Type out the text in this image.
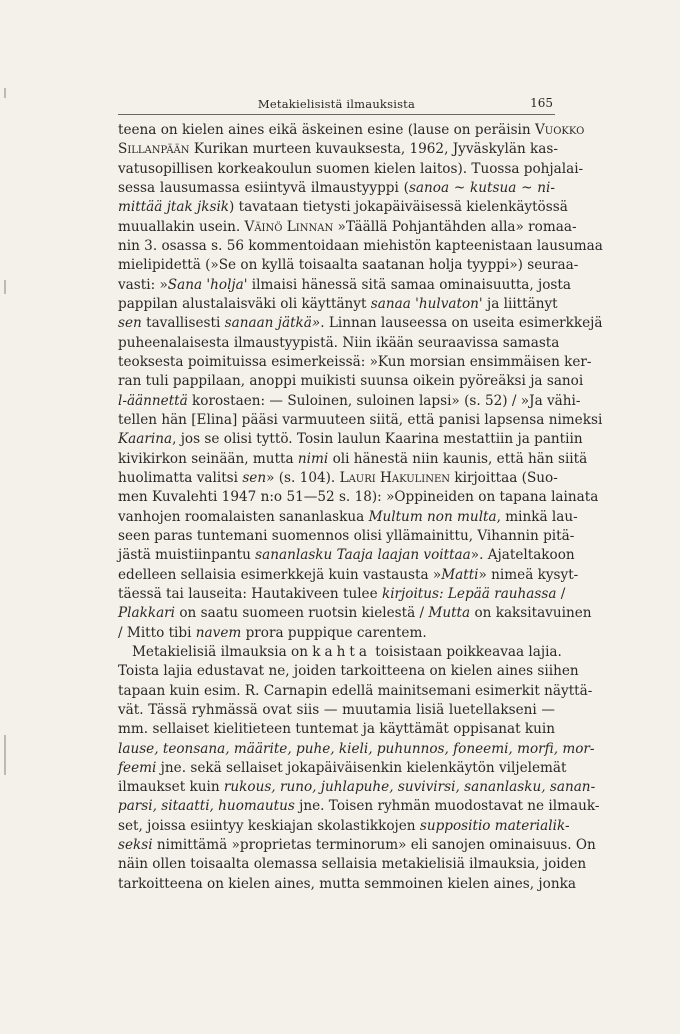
Metakielisistä ilmauksista	165
teena on kielen aines eikä äskeinen esine (lause on peräisin Vuokko
Sillanpään Kurikan murteen kuvauksesta, 1962, Jyväskylän kas-
vatusopillisen korkeakoulun suomen kielen laitos). Tuossa pohjalai-
sessa lausumassa esiintyvä ilmaustyyppi (sanoa ~ kutsua ~ ni-
mittää jtak jksik) tavataan tietysti jokapäiväisessä kielenkäytössä
muuallakin usein. Väinö Linnan »Täällä Pohjantähden alla» romaa-
nin 3. osassa s. 56 kommentoidaan miehistön kapteenistaan lausumaa
mielipidettä (»Se on kyllä toisaalta saatanan holja tyyppi») seuraa-
vasti: »Sana 'holja' ilmaisi hänessä sitä samaa ominaisuutta, josta
pappilan alustalaisväki oli käyttänyt sanaa 'hulvaton' ja liittänyt
sen tavallisesti sanaan jätkä». Linnan lauseessa on useita esimerkkejä
puheenalaisesta ilmaustyypistä. Niin ikään seuraavissa samasta
teoksesta poimituissa esimerkeissä: »Kun morsian ensimmäisen ker-
ran tuli pappilaan, anoppi muikisti suunsa oikein pyöreäksi ja sanoi
l-äännettä korostaen: — Suloinen, suloinen lapsi» (s. 52) / »Ja vähi-
tellen hän [Elina] pääsi varmuuteen siitä, että panisi lapsensa nimeksi
Kaarina, jos se olisi tyttö. Tosin laulun Kaarina mestattiin ja pantiin
kivikirkon seinään, mutta nimi oli hänestä niin kaunis, että hän siitä
huolimatta valitsi sen» (s. 104). Lauri Hakulinen kirjoittaa (Suo-
men Kuvalehti 1947 n:o 51—52 s. 18): »Oppineiden on tapana lainata
vanhojen roomalaisten sananlaskua Multum non multa, minkä lau-
seen paras tuntemani suomennos olisi yllämainittu, Vihannin pitä-
jästä muistiinpantu sananlasku Taaja laajan voittaa». Ajateltakoon
edelleen sellaisia esimerkkejä kuin vastausta »Matti» nimeä kysyt-
täessä tai lauseita: Hautakiveen tulee kirjoitus: Lepää rauhassa /
Plakkari on saatu suomeen ruotsin kielestä / Mutta on kaksitavuinen
/ Mitto tibi navem prora puppique carentem.
Metakielisiä ilmauksia on kahta toisistaan poikkeavaa lajia.
Toista lajia edustavat ne, joiden tarkoitteena on kielen aines siihen
tapaan kuin esim. R. Carnapin edellä mainitsemani esimerkit näyttä-
vät. Tässä ryhmässä ovat siis — muutamia lisiä luetellakseni —
mm. sellaiset kielitieteen tuntemat ja käyttämät oppisanat kuin
lause, teonsana, määrite, puhe, kieli, puhunnos, foneemi, morfi, mor-
feemi jne. sekä sellaiset jokapäiväisenkin kielenkäytön viljelemät
ilmaukset kuin rukous, runo, juhlapuhe, suvivirsi, sananlasku, sanan-
parsi, sitaatti, huomautus jne. Toisen ryhmän muodostavat ne ilmauk-
set, joissa esiintyy keskiajan skolastikkojen suppositio materialik-
seksi nimittämä »proprietas terminorum» eli sanojen ominaisuus. On
näin ollen toisaalta olemassa sellaisia metakielisiä ilmauksia, joiden
tarkoitteena on kielen aines, mutta semmoinen kielen aines, jonka
